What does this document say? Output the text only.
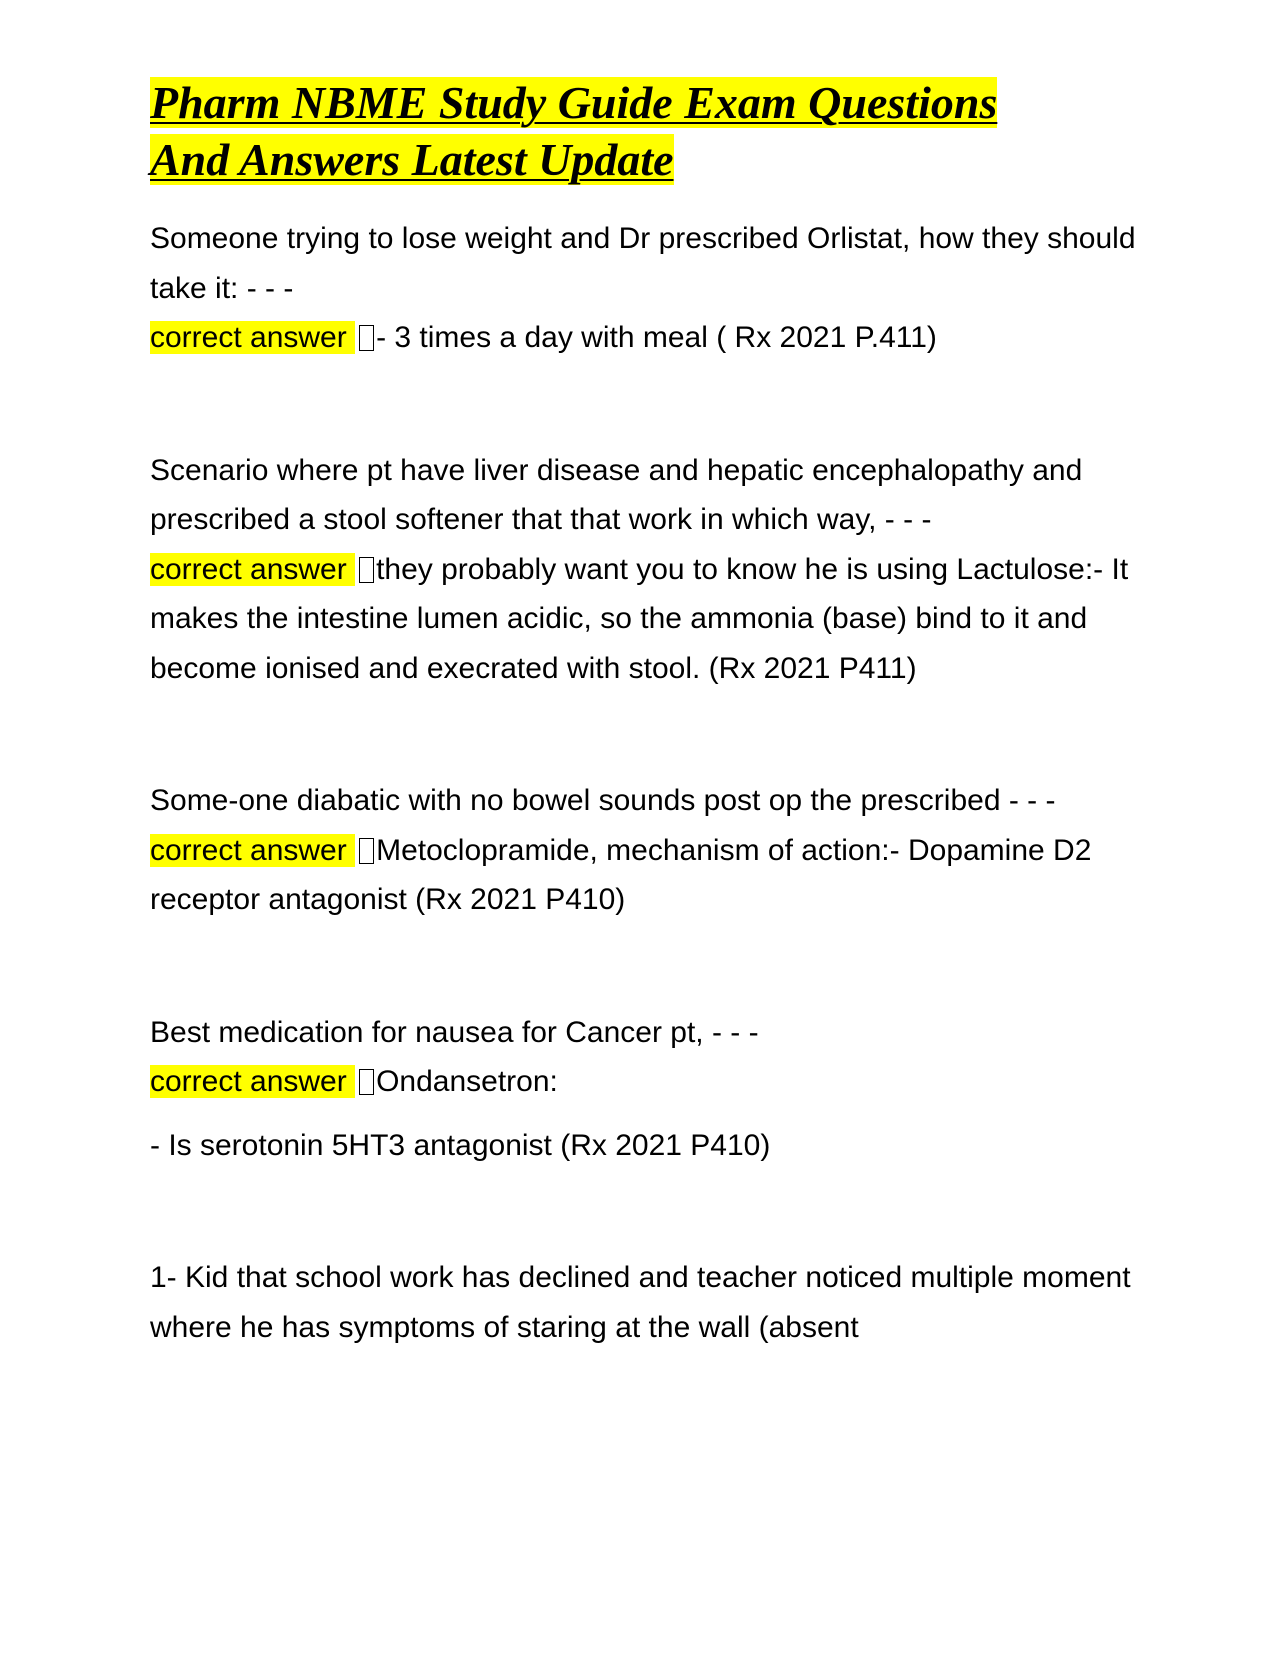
Pharm NBME Study Guide Exam Questions
And Answers Latest Update

Someone trying to lose weight and Dr prescribed Orlistat, how they should take it: - - -

correct answer - 3 times a day with meal ( Rx 2021 P.411)

Scenario where pt have liver disease and hepatic encephalopathy and prescribed a stool softener that that work in which way, - - -

correct answer they probably want you to know he is using Lactulose:- It makes the intestine lumen acidic, so the ammonia (base) bind to it and become ionised and execrated with stool. (Rx 2021 P411)

Some-one diabatic with no bowel sounds post op the prescribed - - -

correct answer Metoclopramide, mechanism of action:- Dopamine D2 receptor antagonist (Rx 2021 P410)

Best medication for nausea for Cancer pt, - - -

correct answer Ondansetron:

- Is serotonin 5HT3 antagonist (Rx 2021 P410)

1- Kid that school work has declined and teacher noticed multiple moment where he has symptoms of staring at the wall (absent
